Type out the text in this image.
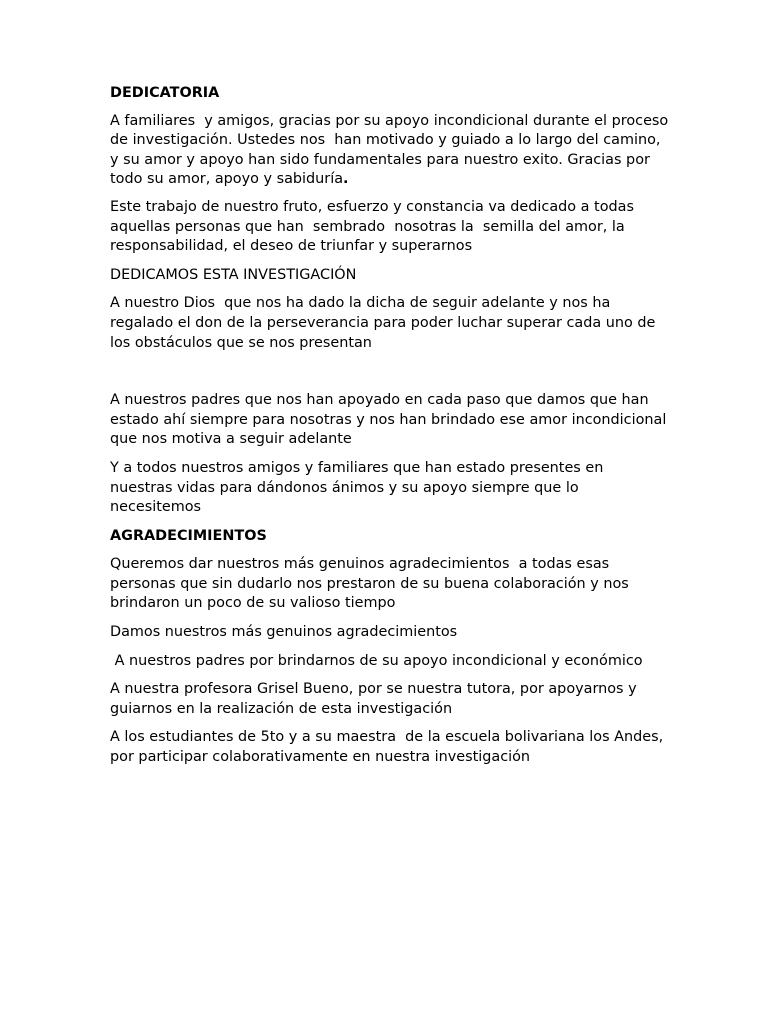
DEDICATORIA

A familiares  y amigos, gracias por su apoyo incondicional durante el proceso de investigación. Ustedes nos  han motivado y guiado a lo largo del camino, y su amor y apoyo han sido fundamentales para nuestro exito. Gracias por todo su amor, apoyo y sabiduría.

Este trabajo de nuestro fruto, esfuerzo y constancia va dedicado a todas aquellas personas que han  sembrado  nosotras la  semilla del amor, la responsabilidad, el deseo de triunfar y superarnos

DEDICAMOS ESTA INVESTIGACIÓN

A nuestro Dios  que nos ha dado la dicha de seguir adelante y nos ha regalado el don de la perseverancia para poder luchar superar cada uno de los obstáculos que se nos presentan

A nuestros padres que nos han apoyado en cada paso que damos que han estado ahí siempre para nosotras y nos han brindado ese amor incondicional que nos motiva a seguir adelante

Y a todos nuestros amigos y familiares que han estado presentes en nuestras vidas para dándonos ánimos y su apoyo siempre que lo necesitemos

AGRADECIMIENTOS

Queremos dar nuestros más genuinos agradecimientos  a todas esas personas que sin dudarlo nos prestaron de su buena colaboración y nos brindaron un poco de su valioso tiempo

Damos nuestros más genuinos agradecimientos

A nuestros padres por brindarnos de su apoyo incondicional y económico

A nuestra profesora Grisel Bueno, por se nuestra tutora, por apoyarnos y guiarnos en la realización de esta investigación

A los estudiantes de 5to y a su maestra  de la escuela bolivariana los Andes, por participar colaborativamente en nuestra investigación
